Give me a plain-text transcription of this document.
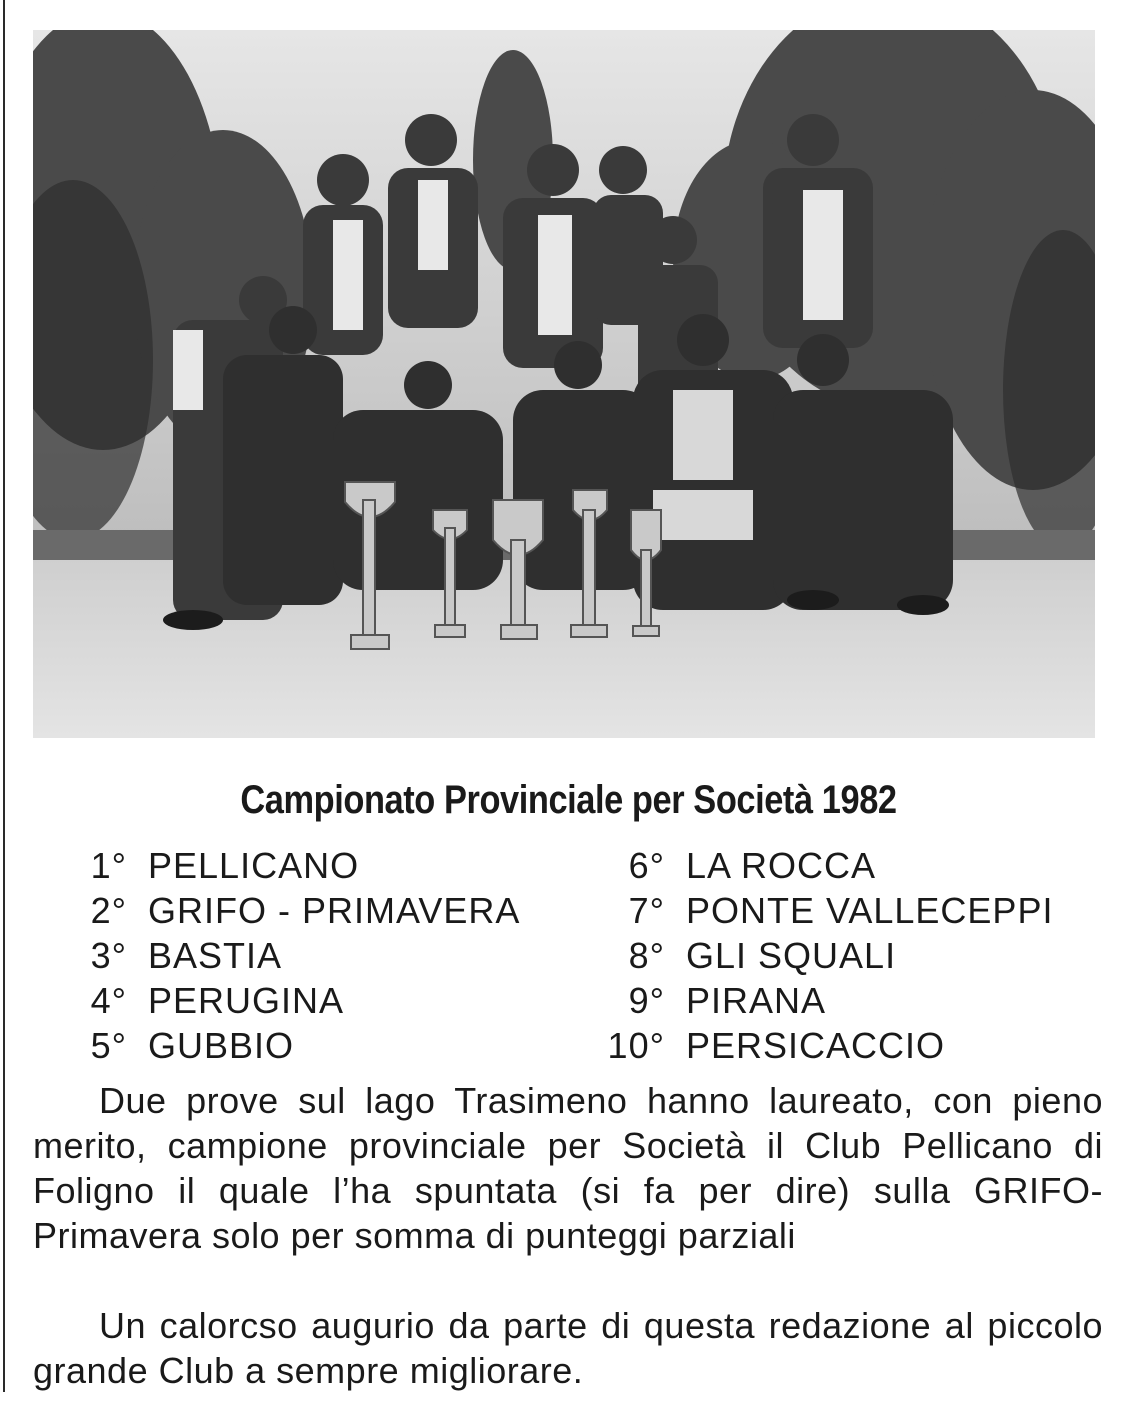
Campionato Provinciale per Società 1982
1° PELLICANO
2° GRIFO - PRIMAVERA
3° BASTIA
4° PERUGINA
5° GUBBIO
6° LA ROCCA
7° PONTE VALLECEPPI
8° GLI SQUALI
9° PIRANA
10° PERSICACCIO
Due prove sul lago Trasimeno hanno laureato, con pieno merito, campione provinciale per Società il Club Pellicano di Foligno il quale l’ha spuntata (si fa per dire) sulla GRIFO-Primavera solo per somma di punteggi parziali
Un calorcso augurio da parte di questa redazione al piccolo grande Club a sempre migliorare.
